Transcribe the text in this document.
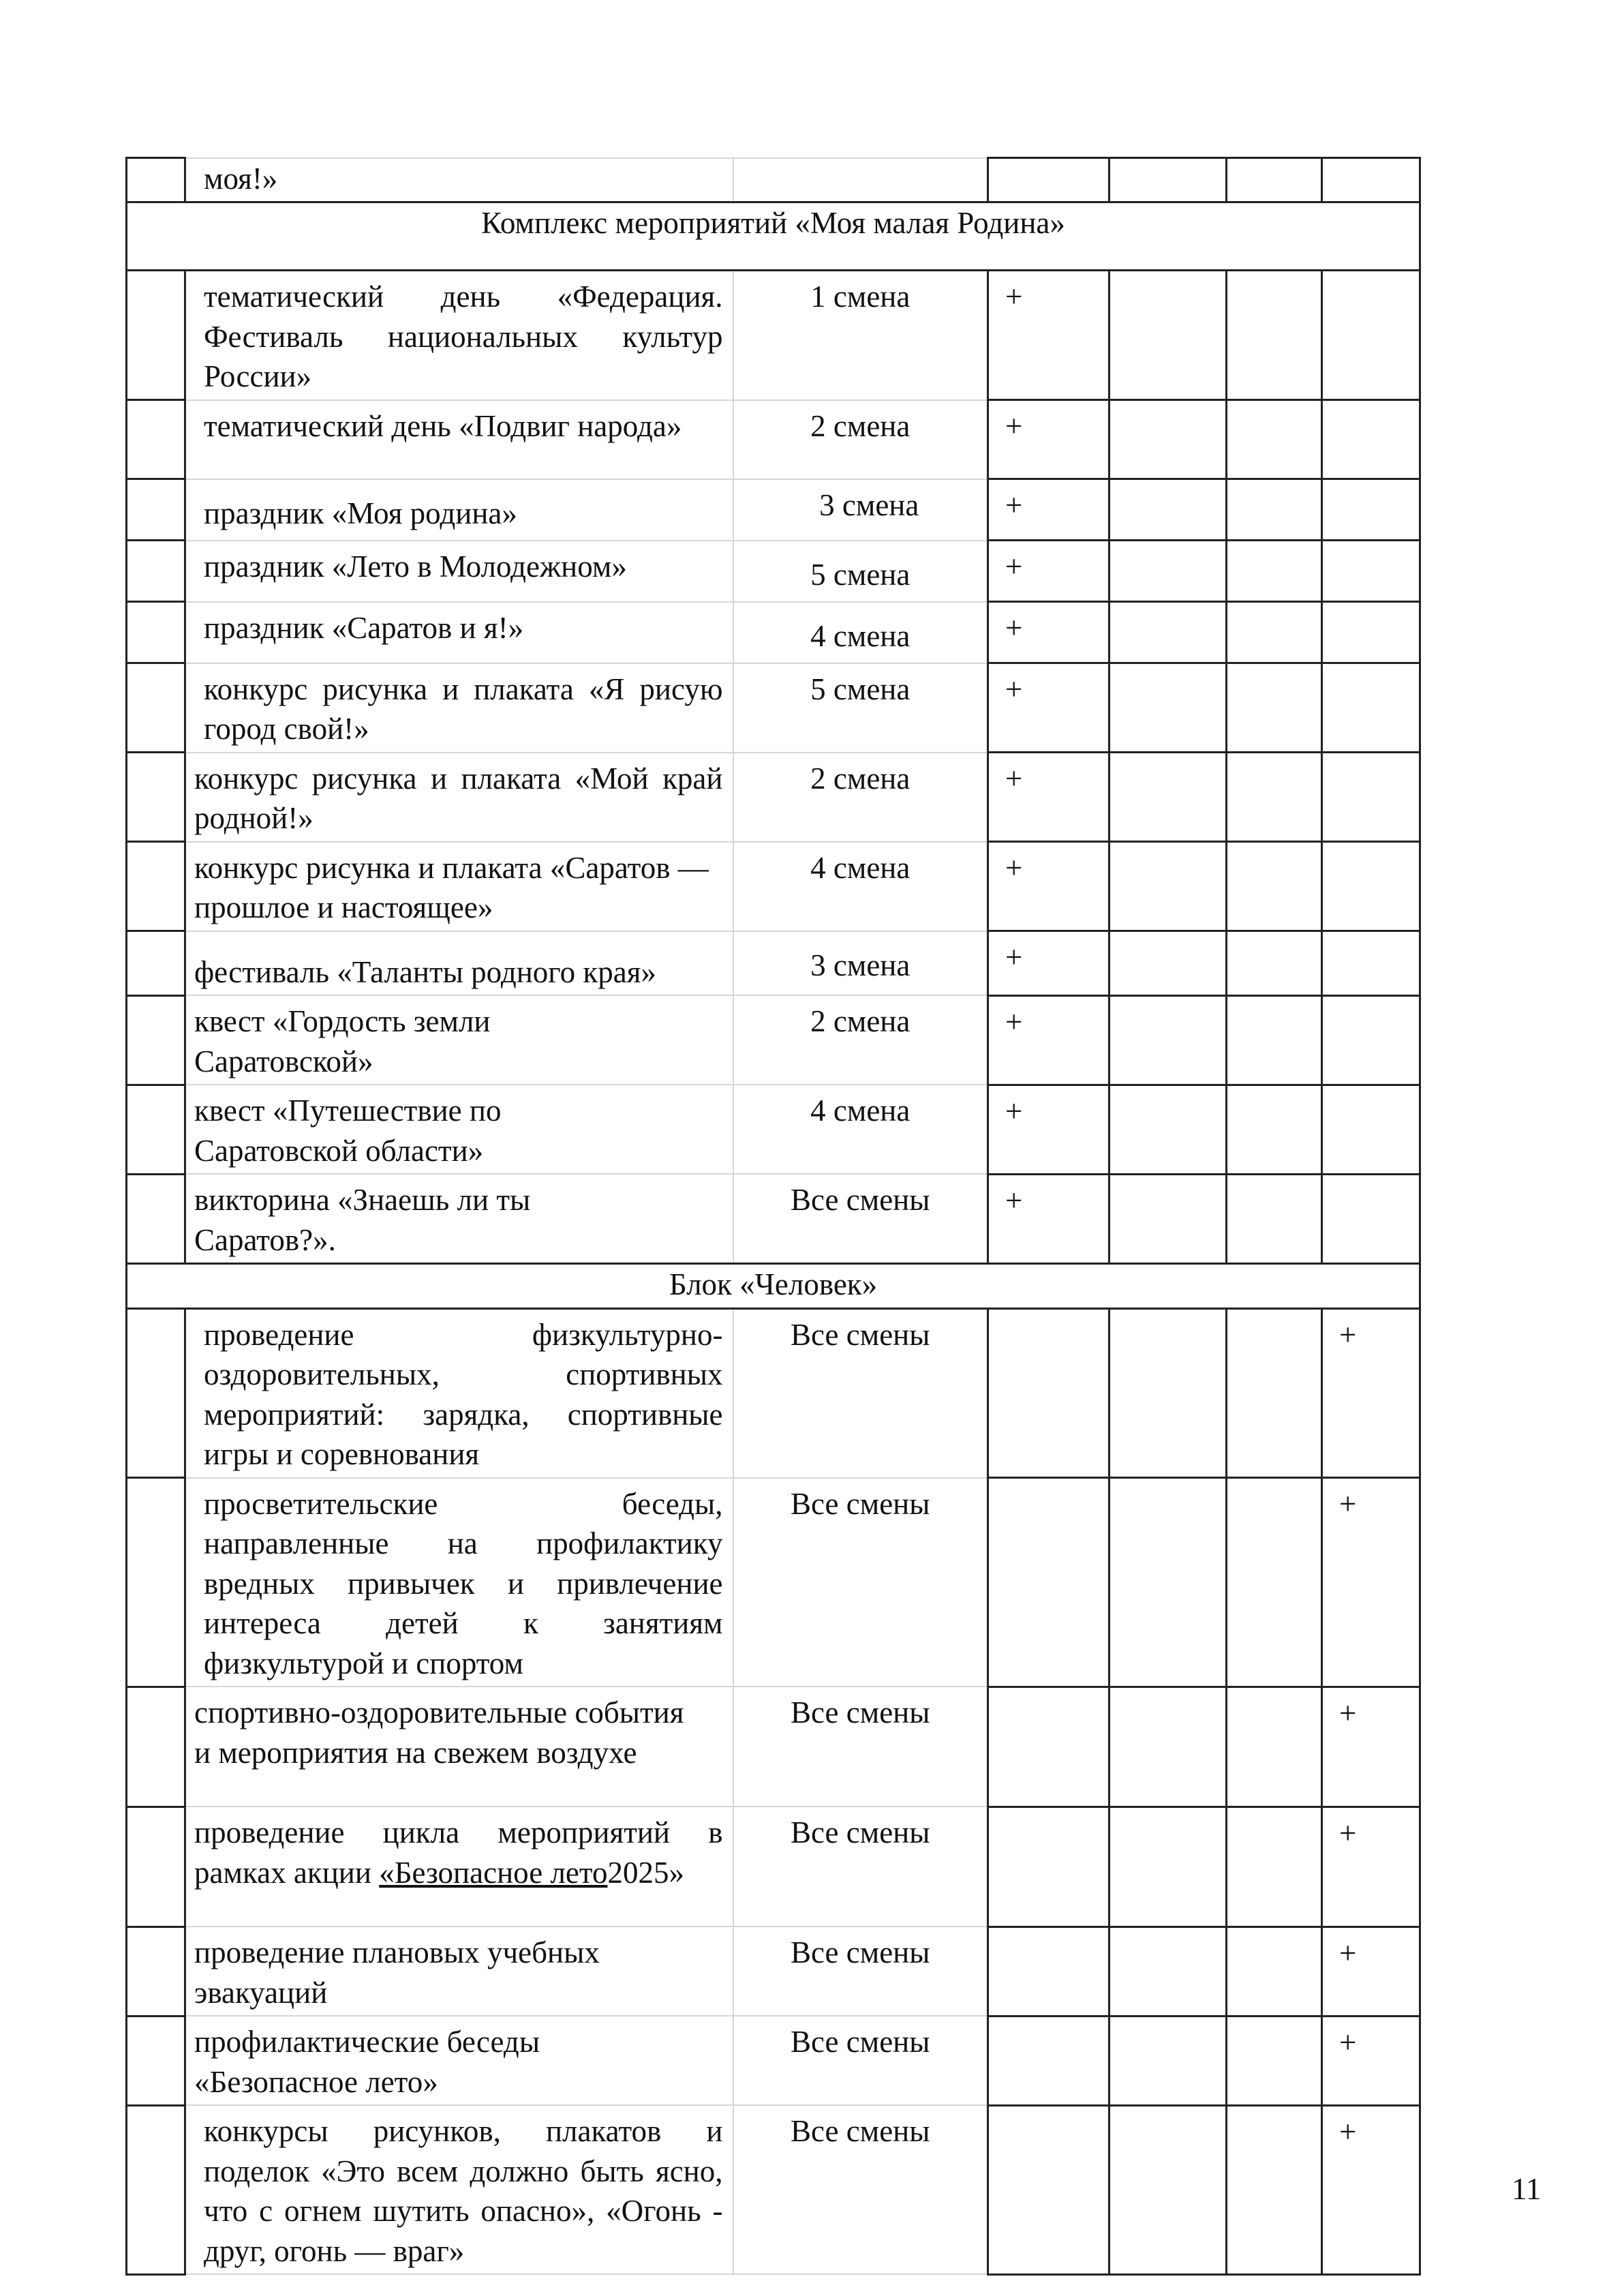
	моя!»					
Комплекс мероприятий «Моя малая Родина»						
	тематический день «Федерация. Фестиваль национальных культур России»	1 смена	+			
	тематический день «Подвиг народа»	2 смена	+			
	праздник «Моя родина»	3 смена	+			
	праздник «Лето в Молодежном»	5 смена	+			
	праздник «Саратов и я!»	4 смена	+			
	конкурс рисунка и плаката «Я рисую город свой!»	5 смена	+			
	конкурс рисунка и плаката «Мой край родной!»	2 смена	+			
	конкурс рисунка и плаката «Саратов — прошлое и настоящее»	4 смена	+			
	фестиваль «Таланты родного края»	3 смена	+			
	квест «Гордость земли Саратовской»	2 смена	+			
	квест «Путешествие по Саратовской области»	4 смена	+			
	викторина «Знаешь ли ты Саратов?».	Все смены	+			
Блок «Человек»						
	проведение физкультурно-оздоровительных, спортивных мероприятий: зарядка, спортивные игры и соревнования	Все смены				+
	просветительские беседы, направленные на профилактику вредных привычек и привлечение интереса детей к занятиям физкультурой и спортом	Все смены				+
	спортивно-оздоровительные события и мероприятия на свежем воздухе	Все смены				+
	проведение цикла мероприятий в рамках акции «Безопасное лето2025»	Все смены				+
	проведение плановых учебных эвакуаций	Все смены				+
	профилактические беседы «Безопасное лето»	Все смены				+
	конкурсы рисунков, плакатов и поделок «Это всем должно быть ясно, что с огнем шутить опасно», «Огонь - друг, огонь — враг»	Все смены				+
11
